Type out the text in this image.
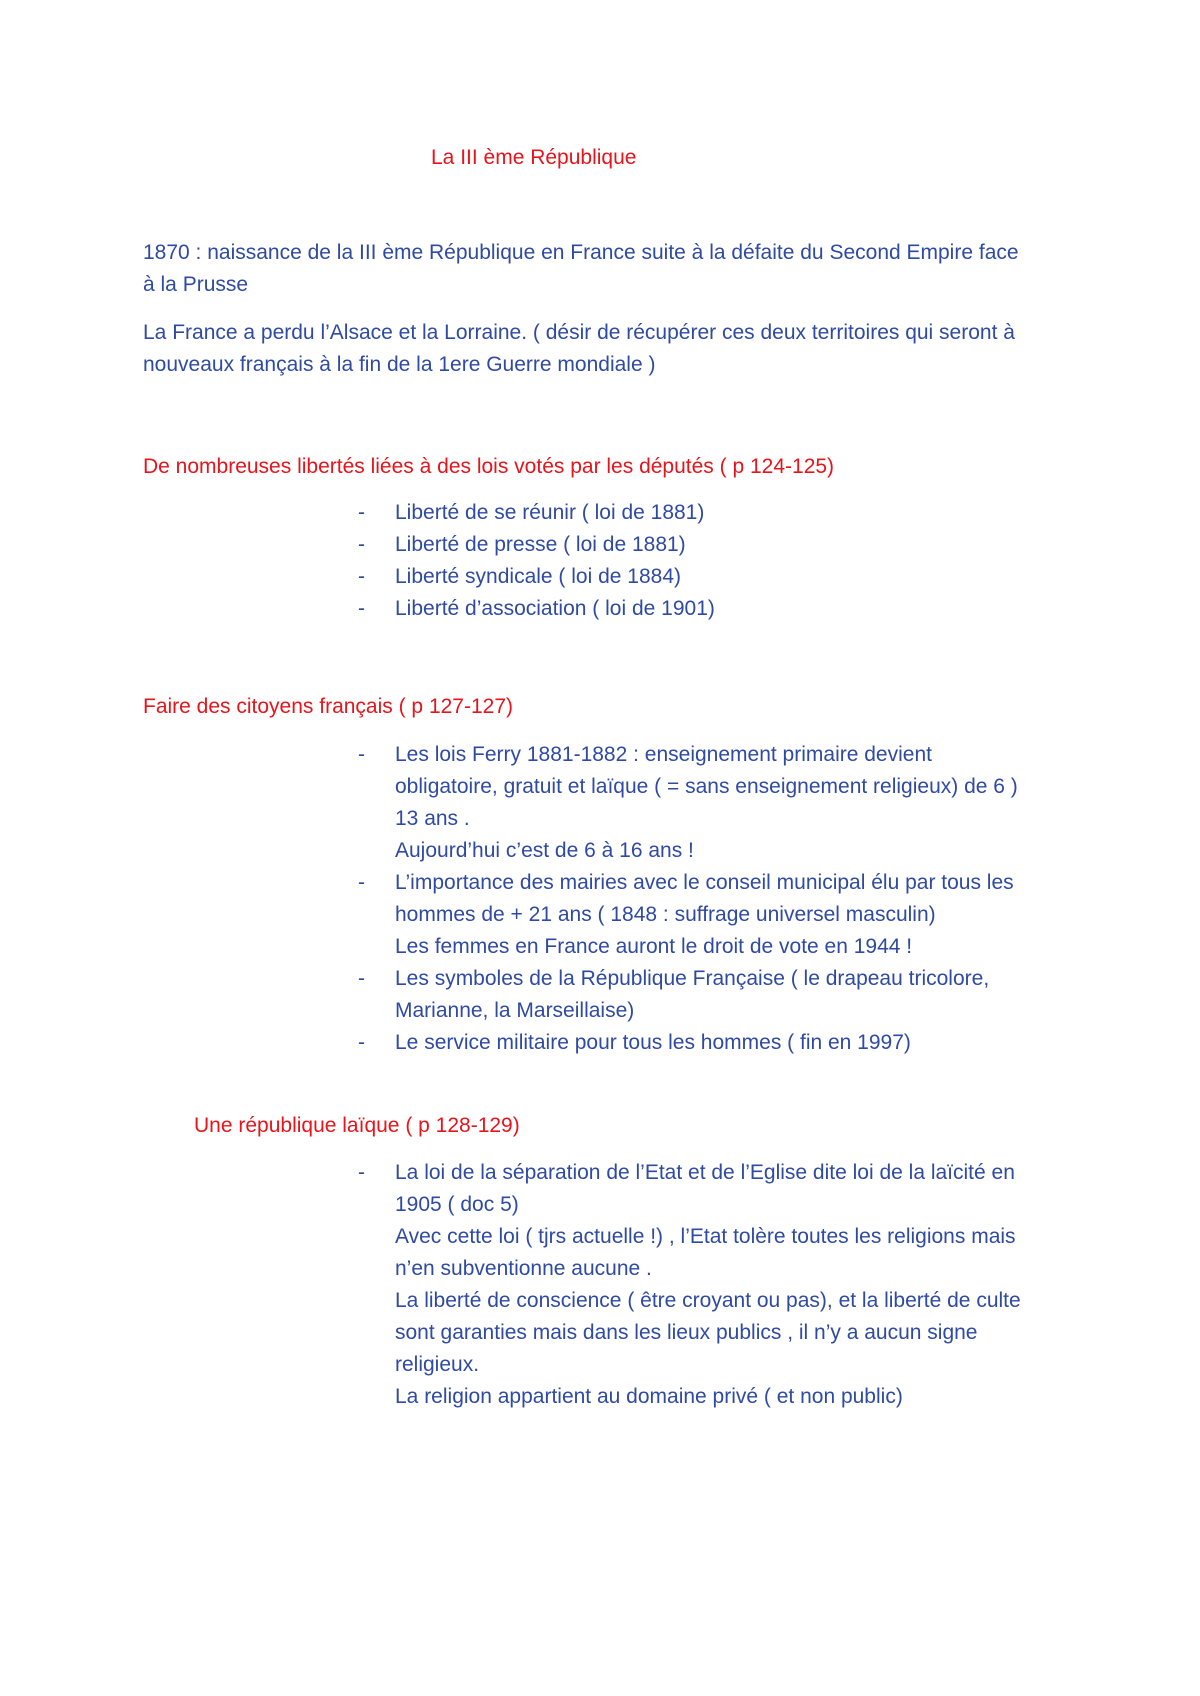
La III ème République
1870 : naissance de la III ème République en France suite à la défaite du Second Empire face
à la Prusse
La France a perdu l’Alsace et la Lorraine. ( désir de récupérer ces deux territoires qui seront à
nouveaux français à la fin de la 1ere Guerre mondiale )
De nombreuses libertés liées à des lois votés par les députés ( p 124-125)
- Liberté de se réunir ( loi de 1881)
- Liberté de presse ( loi de 1881)
- Liberté syndicale ( loi de 1884)
- Liberté d’association ( loi de 1901)
Faire des citoyens français ( p 127-127)
- Les lois Ferry 1881-1882 : enseignement primaire devient
obligatoire, gratuit et laïque ( = sans enseignement religieux) de 6 )
13 ans .
Aujourd’hui c’est de 6 à 16 ans !
- L’importance des mairies avec le conseil municipal élu par tous les
hommes de + 21 ans ( 1848 : suffrage universel masculin)
Les femmes en France auront le droit de vote en 1944 !
- Les symboles de la République Française ( le drapeau tricolore,
Marianne, la Marseillaise)
- Le service militaire pour tous les hommes ( fin en 1997)
Une république laïque ( p 128-129)
- La loi de la séparation de l’Etat et de l’Eglise dite loi de la laïcité en
1905 ( doc 5)
Avec cette loi ( tjrs actuelle !) , l’Etat tolère toutes les religions mais
n’en subventionne aucune .
La liberté de conscience ( être croyant ou pas), et la liberté de culte
sont garanties mais dans les lieux publics , il n’y a aucun signe
religieux.
La religion appartient au domaine privé ( et non public)
